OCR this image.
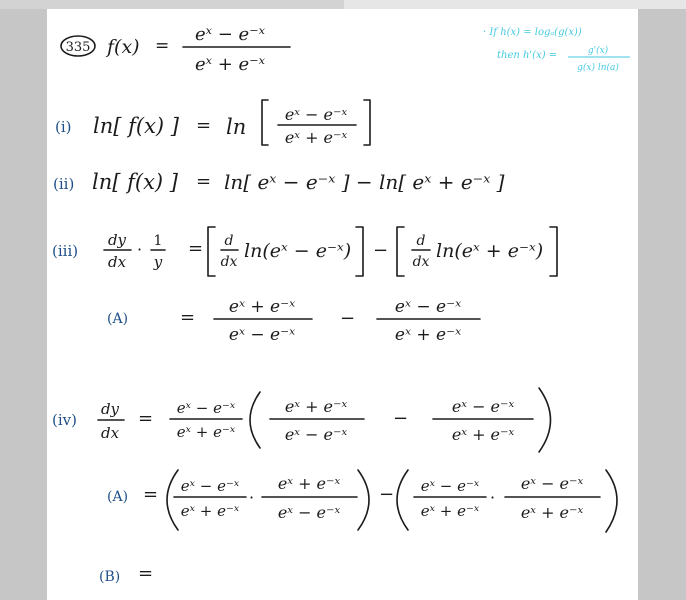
335 f(x) =
eˣ − e⁻ˣ
eˣ + e⁻ˣ
· If h(x) = logₐ(g(x))
then h'(x) =	g'(x)
g(x) ln(a)
(i) ln[ f(x) ] = ln
eˣ − e⁻ˣ
eˣ + e⁻ˣ
(ii) ln[ f(x) ] = ln[ eˣ − e⁻ˣ ] − ln[ eˣ + e⁻ˣ ]
(iii)
dy
dx
· 1
y
= d
dx ln(eˣ − e⁻ˣ) − d
dx ln(eˣ + e⁻ˣ)
(A)	= eˣ + e⁻ˣ
eˣ − e⁻ˣ
−
eˣ − e⁻ˣ
eˣ + e⁻ˣ
(iv)
dy
dx
= eˣ − e⁻ˣ
eˣ + e⁻ˣ
eˣ + e⁻ˣ
eˣ − e⁻ˣ
−
eˣ − e⁻ˣ
eˣ + e⁻ˣ
(A) = eˣ − e⁻ˣ
eˣ + e⁻ˣ
·
eˣ + e⁻ˣ
eˣ − e⁻ˣ
− eˣ − e⁻ˣ
eˣ + e⁻ˣ
·
eˣ − e⁻ˣ
eˣ + e⁻ˣ
(B) =
